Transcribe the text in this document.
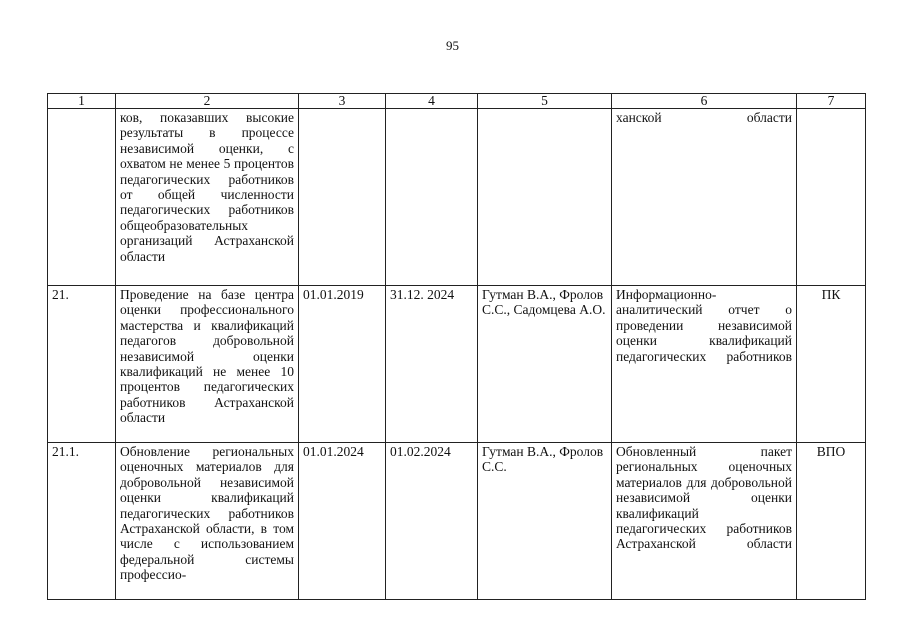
95
1	2	3	4	5	6	7
	ков, показавших высокие результаты в процессе независимой оценки, с охватом не менее 5 процентов педагогических работников от общей численности педагогических работников общеобразовательных организаций Астраханской области				ханской области	
21.	Проведение на базе центра оценки профессионального мастерства и квалификаций педагогов добровольной независимой оценки квалификаций не менее 10 процентов педагогических работников Астраханской области	01.01.2019	31.12. 2024	Гутман В.А., Фролов С.С., Садомцева А.О.	Информационно-аналитический отчет о проведении независимой оценки квалификаций педагогических работников	ПК
21.1.	Обновление региональных оценочных материалов для добровольной независимой оценки квалификаций педагогических работников Астраханской области, в том числе с использованием федеральной системы профессио-	01.01.2024	01.02.2024	Гутман В.А., Фролов С.С.	Обновленный пакет региональных оценочных материалов для добровольной независимой оценки квалификаций педагогических работников Астраханской области	ВПО
